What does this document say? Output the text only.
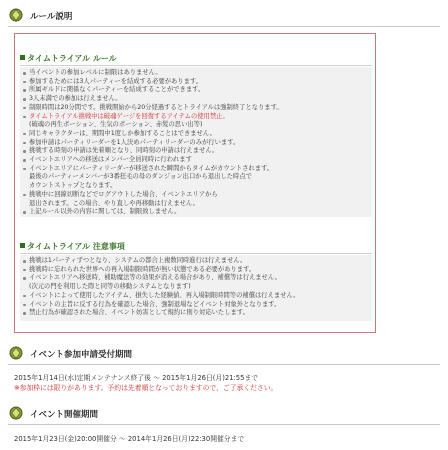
ルール説明
タイムトライアル ルール
当イベントの参加レベルに制限はありません。
参加するためには3人パーティーを結成する必要があります。
所属ギルドに関係なくパーティーを結成することができます。
3人未満での参加は行えません。
制限時間は20分間です。挑戦開始から20分経過するとトライアルは強制終了となります。
タイムトライアル挑戦中は破魂ゲージを回復するアイテムの使用禁止。
(破魂の再生ポーション、生気のポーション、赤髪の思い出等)
同じキャラクターは、期間中1度しか参加することはできません。
参加申請はパーティリーダーを1人決めパーティリーダーのみが行います。
挑戦する時刻の申請は先着順となり、同時刻の申請は行えません。
イベントエリアへの移送はメンバー全員同時に行われます
イベントエリアにパーティリーダーが移送された瞬間からタイムがカウントされます。
最後のパーティーメンバーが3番狂毛の母のダンジョン出口から退出した時点で
カウントストップとなります。
挑戦中に回線切断などでログアウトした場合、イベントエリアから
退出されます。この場合、やり直しや再移動は行えません。
上記ルール以外の内容に関しては、制限致しません。
タイムトライアル 注意事項
挑戦は1パーティずつとなり、システムの都合上複数同時進行は行えません。
挑戦時に忘れられた世界への再入場制限時間が無い状態である必要があります。
イベントエリアへ移送時、補助魔法等の効果が消える場合があり、補償等は行えません。
(次元の門を利用した際と同等の移動システムとなります)
イベントによって使用したアイテム、損失した経験値、再入場制限時間等の補償は行えません。
イベントの主旨に反する行為を確認した場合、強制退場などイベント対象外となります。
禁止行為が確認された場合、イベント妨害として規約に則り対応いたします。
イベント参加申請受付期間
2015年1月14日(水)定期メンテナンス終了後 ～ 2015年1月26日(月)21:55まで
※参加枠には限りがあります。予約は先着順となっておりますので、ご了承ください。
イベント開催期間
2015年1月23日(金)20:00開催分 ～ 2014年1月26日(月)22:30開催分まで
